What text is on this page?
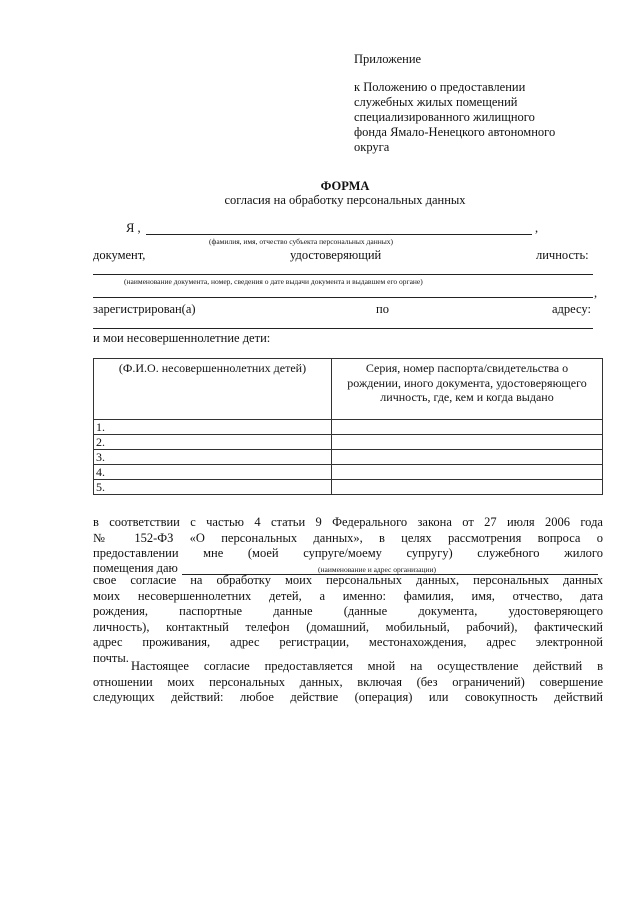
Приложение
к Положению о предоставлении
служебных жилых помещений
специализированного жилищного
фонда Ямало-Ненецкого автономного
округа
ФОРМА
согласия на обработку персональных данных
Я ,	,
(фамилия, имя, отчество субъекта персональных данных)
документ,	удостоверяющий	личность:
(наименование документа, номер, сведения о дате выдачи документа и выдавшем его органе)
,
зарегистрирован(а)	по	адресу:
и мои несовершеннолетние дети:
(Ф.И.О. несовершеннолетних детей)	Серия, номер паспорта/свидетельства о рождении, иного документа, удостоверяющего личность, где, кем и когда выдано
1.	
2.	
3.	
4.	
5.	
в соответствии с частью 4 статьи 9 Федерального закона от 27 июля 2006 года
№ 152-ФЗ «О персональных данных», в целях рассмотрения вопроса о
предоставлении мне (моей супруге/моему супругу) служебного жилого
помещения даю	(наименование и адрес организации)
свое согласие на обработку моих персональных данных, персональных данных
моих несовершеннолетних детей, а именно: фамилия, имя, отчество, дата
рождения, паспортные данные (данные документа, удостоверяющего
личность), контактный телефон (домашний, мобильный, рабочий), фактический
адрес проживания, адрес регистрации, местонахождения, адрес электронной
почты.
Настоящее согласие предоставляется мной на осуществление действий в
отношении моих персональных данных, включая (без ограничений) совершение
следующих действий: любое действие (операция) или совокупность действий
